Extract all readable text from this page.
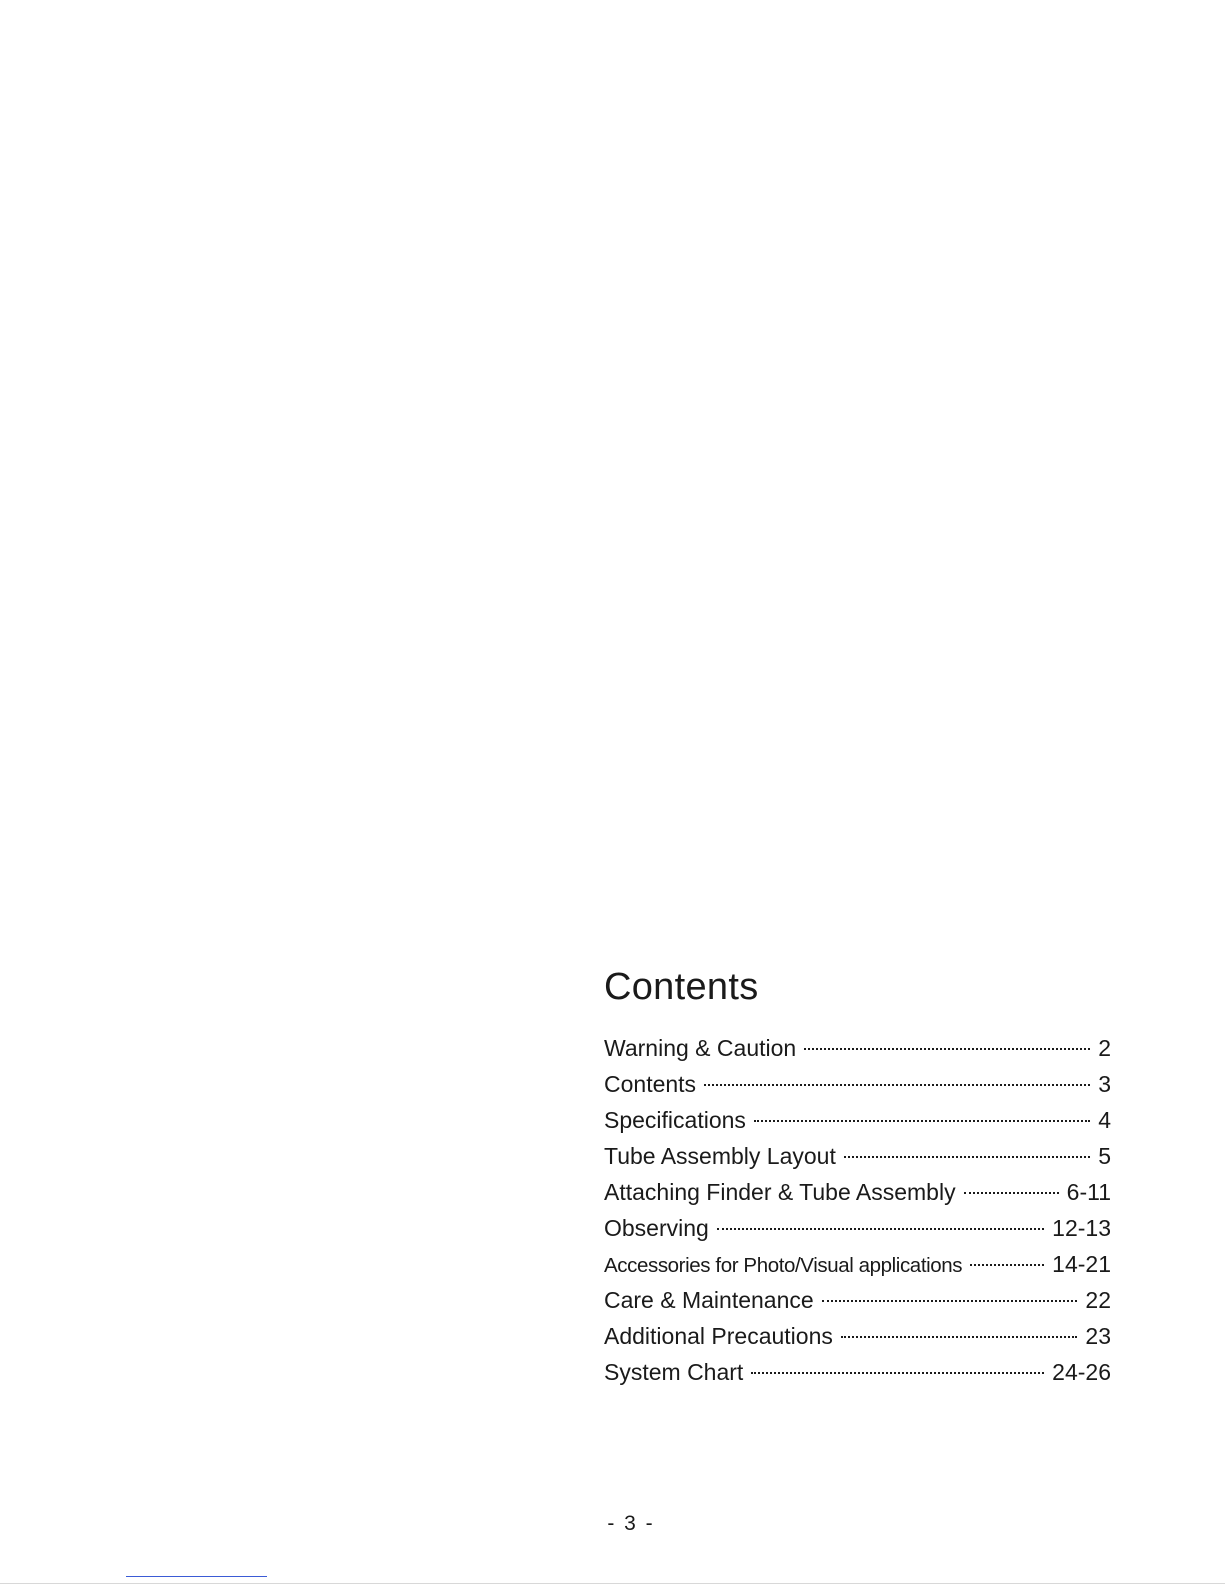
Contents
Warning & Caution	2
Contents	3
Specifications	4
Tube Assembly Layout	5
Attaching Finder & Tube Assembly	6-11
Observing	12-13
Accessories for Photo/Visual applications	14-21
Care & Maintenance	22
Additional Precautions	23
System Chart	24-26
- 3 -
